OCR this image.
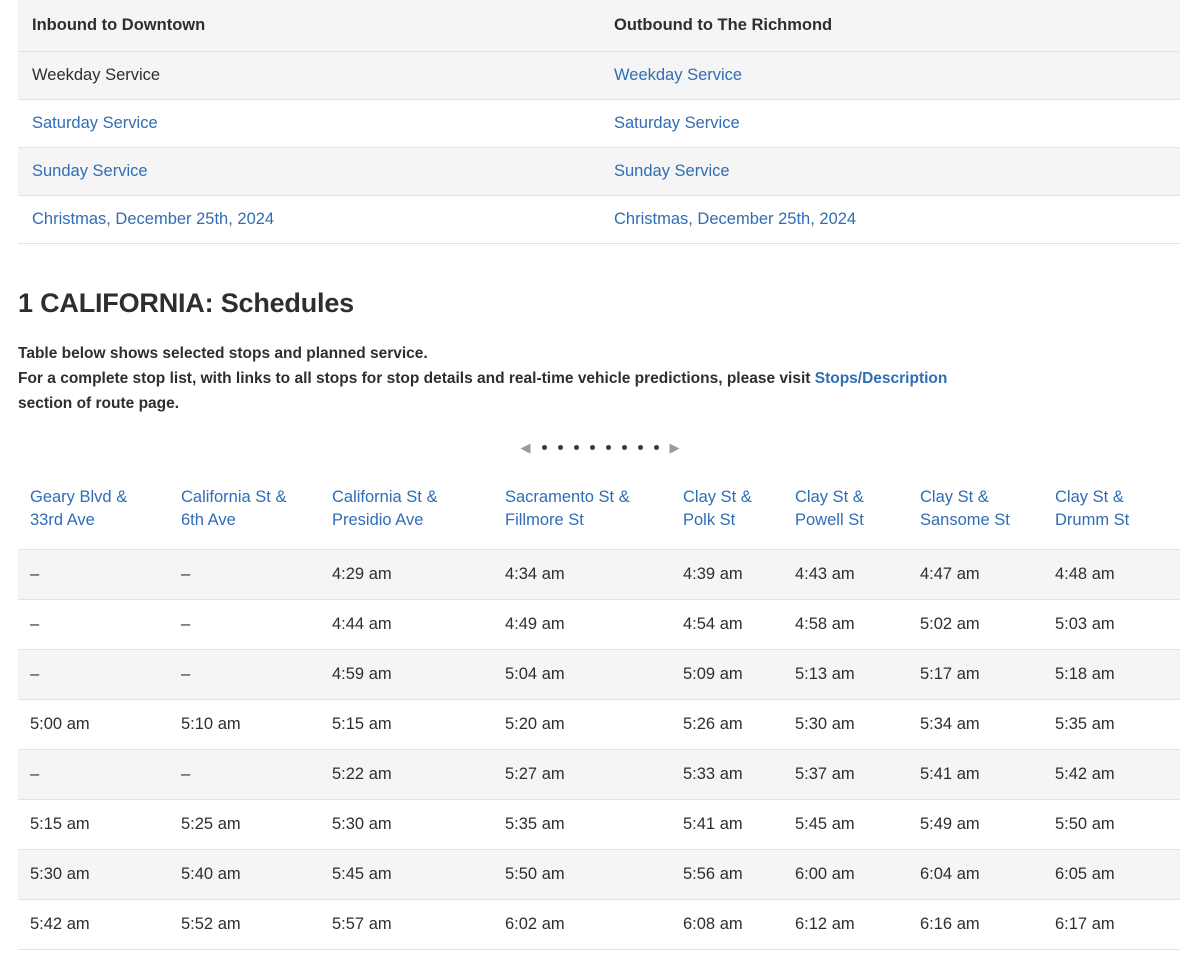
Inbound to Downtown	Outbound to The Richmond
Weekday Service	Weekday Service
Saturday Service	Saturday Service
Sunday Service	Sunday Service
Christmas, December 25th, 2024	Christmas, December 25th, 2024
1 CALIFORNIA: Schedules
Table below shows selected stops and planned service.
For a complete stop list, with links to all stops for stop details and real-time vehicle predictions, please visit Stops/Description
section of route page.
◀	▶
Geary Blvd & 33rd Ave	California St & 6th Ave	California St & Presidio Ave	Sacramento St & Fillmore St	Clay St & Polk St	Clay St & Powell St	Clay St & Sansome St	Clay St & Drumm St
–	–	4:29 am	4:34 am	4:39 am	4:43 am	4:47 am	4:48 am
–	–	4:44 am	4:49 am	4:54 am	4:58 am	5:02 am	5:03 am
–	–	4:59 am	5:04 am	5:09 am	5:13 am	5:17 am	5:18 am
5:00 am	5:10 am	5:15 am	5:20 am	5:26 am	5:30 am	5:34 am	5:35 am
–	–	5:22 am	5:27 am	5:33 am	5:37 am	5:41 am	5:42 am
5:15 am	5:25 am	5:30 am	5:35 am	5:41 am	5:45 am	5:49 am	5:50 am
5:30 am	5:40 am	5:45 am	5:50 am	5:56 am	6:00 am	6:04 am	6:05 am
5:42 am	5:52 am	5:57 am	6:02 am	6:08 am	6:12 am	6:16 am	6:17 am
